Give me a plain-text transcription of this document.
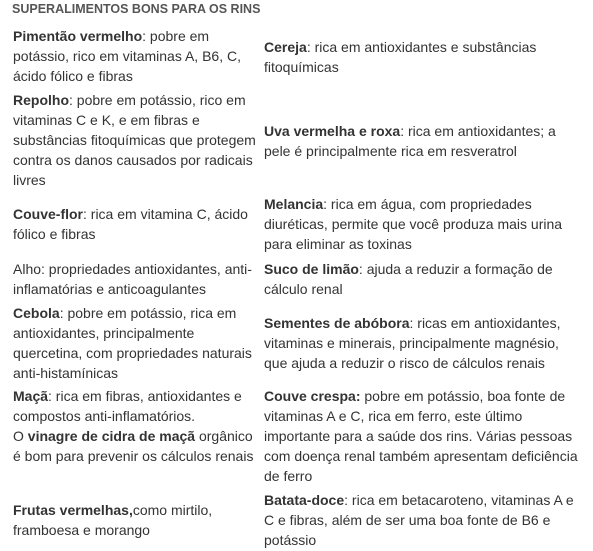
SUPERALIMENTOS BONS PARA OS RINS
Pimentão vermelho: pobre em potássio, rico em vitaminas A, B6, C, ácido fólico e fibras
Repolho: pobre em potássio, rico em vitaminas C e K, e em fibras e substâncias fitoquímicas que protegem contra os danos causados por radicais livres
Couve-flor: rica em vitamina C, ácido fólico e fibras
Alho: propriedades antioxidantes, anti-inflamatórias e anticoagulantes
Cebola: pobre em potássio, rica em antioxidantes, principalmente quercetina, com propriedades naturais anti-histamínicas
Maçã: rica em fibras, antioxidantes e compostos anti-inflamatórios.
O vinagre de cidra de maçã orgânico é bom para prevenir os cálculos renais
Frutas vermelhas,como mirtilo, framboesa e morango
Cereja: rica em antioxidantes e substâncias fitoquímicas
Uva vermelha e roxa: rica em antioxidantes; a pele é principalmente rica em resveratrol
Melancia: rica em água, com propriedades diuréticas, permite que você produza mais urina para eliminar as toxinas
Suco de limão: ajuda a reduzir a formação de cálculo renal
Sementes de abóbora: ricas em antioxidantes, vitaminas e minerais, principalmente magnésio, que ajuda a reduzir o risco de cálculos renais
Couve crespa: pobre em potássio, boa fonte de vitaminas A e C, rica em ferro, este último importante para a saúde dos rins. Várias pessoas com doença renal também apresentam deficiência de ferro
Batata-doce: rica em betacaroteno, vitaminas A e C e fibras, além de ser uma boa fonte de B6 e potássio
